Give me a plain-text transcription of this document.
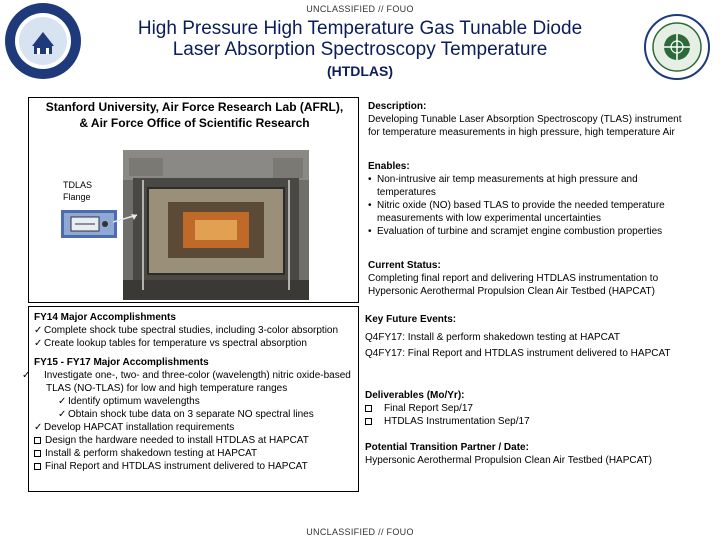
UNCLASSIFIED // FOUO
High Pressure High Temperature Gas Tunable Diode
Laser Absorption Spectroscopy Temperature
(HTDLAS)
Stanford University, Air Force Research Lab (AFRL),
& Air Force Office of Scientific Research
TDLAS
Flange
Description:
Developing Tunable Laser Absorption Spectroscopy (TLAS) instrument for temperature measurements in high pressure, high temperature Air
Enables:
• Non-intrusive air temp measurements at high pressure and temperatures
• Nitric oxide (NO) based TLAS to provide the needed temperature measurements with low experimental uncertainties
• Evaluation of turbine and scramjet engine combustion properties
Current Status:
Completing final report and delivering HTDLAS instrumentation to Hypersonic Aerothermal Propulsion Clean Air Testbed (HAPCAT)
FY14 Major Accomplishments
✓ Complete shock tube spectral studies, including 3-color absorption
✓ Create lookup tables for temperature vs spectral absorption
FY15 - FY17 Major Accomplishments
✓ Investigate one-, two- and three-color (wavelength) nitric oxide-based TLAS (NO-TLAS) for low and high temperature ranges
✓ Identify optimum wavelengths
✓ Obtain shock tube data on 3 separate NO spectral lines
✓ Develop HAPCAT installation requirements
Design the hardware needed to install HTDLAS at HAPCAT
Install & perform shakedown testing at HAPCAT
Final Report and HTDLAS instrument delivered to HAPCAT
Key Future Events:
Q4FY17: Install & perform shakedown testing at HAPCAT
Q4FY17: Final Report and HTDLAS instrument delivered to HAPCAT
Deliverables (Mo/Yr):
Final Report Sep/17
HTDLAS Instrumentation Sep/17
Potential Transition Partner / Date:
Hypersonic Aerothermal Propulsion Clean Air Testbed (HAPCAT)
UNCLASSIFIED // FOUO
